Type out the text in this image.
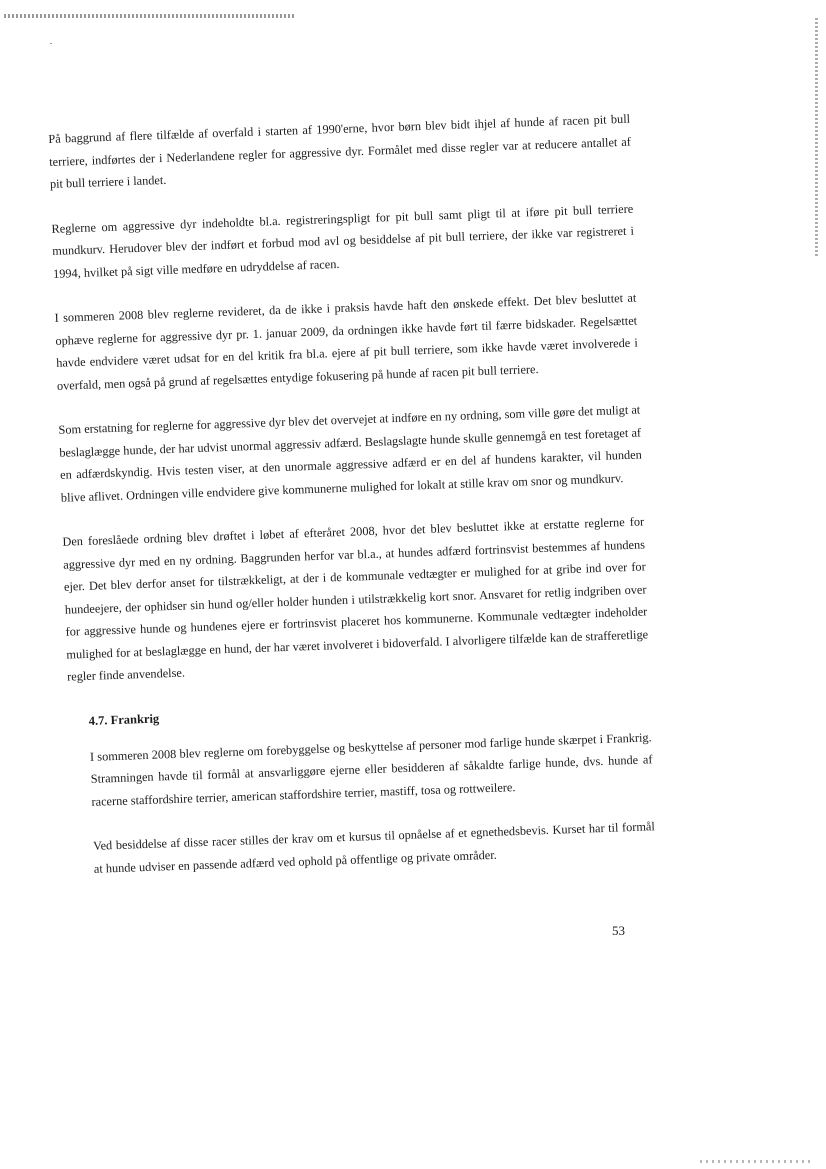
På baggrund af flere tilfælde af overfald i starten af 1990'erne, hvor børn blev bidt ihjel af hunde af racen pit bull terriere, indførtes der i Nederlandene regler for aggressive dyr. Formålet med disse regler var at reducere antallet af pit bull terriere i landet.

Reglerne om aggressive dyr indeholdte bl.a. registreringspligt for pit bull samt pligt til at iføre pit bull terriere mundkurv. Herudover blev der indført et forbud mod avl og besiddelse af pit bull terriere, der ikke var registreret i 1994, hvilket på sigt ville medføre en udryddelse af racen.

I sommeren 2008 blev reglerne revideret, da de ikke i praksis havde haft den ønskede effekt. Det blev besluttet at ophæve reglerne for aggressive dyr pr. 1. januar 2009, da ordningen ikke havde ført til færre bidskader. Regelsættet havde endvidere været udsat for en del kritik fra bl.a. ejere af pit bull terriere, som ikke havde været involverede i overfald, men også på grund af regelsættes entydige fokusering på hunde af racen pit bull terriere.

Som erstatning for reglerne for aggressive dyr blev det overvejet at indføre en ny ordning, som ville gøre det muligt at beslaglægge hunde, der har udvist unormal aggressiv adfærd. Beslagslagte hunde skulle gennemgå en test foretaget af en adfærdskyndig. Hvis testen viser, at den unormale aggressive adfærd er en del af hundens karakter, vil hunden blive aflivet. Ordningen ville endvidere give kommunerne mulighed for lokalt at stille krav om snor og mundkurv.

Den foreslåede ordning blev drøftet i løbet af efteråret 2008, hvor det blev besluttet ikke at erstatte reglerne for aggressive dyr med en ny ordning. Baggrunden herfor var bl.a., at hundes adfærd fortrinsvist bestemmes af hundens ejer. Det blev derfor anset for tilstrækkeligt, at der i de kommunale vedtægter er mulighed for at gribe ind over for hundeejere, der ophidser sin hund og/eller holder hunden i utilstrækkelig kort snor. Ansvaret for retlig indgriben over for aggressive hunde og hundenes ejere er fortrinsvist placeret hos kommunerne. Kommunale vedtægter indeholder mulighed for at beslaglægge en hund, der har været involveret i bidoverfald. I alvorligere tilfælde kan de strafferetlige regler finde anvendelse.

4.7. Frankrig

I sommeren 2008 blev reglerne om forebyggelse og beskyttelse af personer mod farlige hunde skærpet i Frankrig. Stramningen havde til formål at ansvarliggøre ejerne eller besidderen af såkaldte farlige hunde, dvs. hunde af racerne staffordshire terrier, american staffordshire terrier, mastiff, tosa og rottweilere.

Ved besiddelse af disse racer stilles der krav om et kursus til opnåelse af et egnethedsbevis. Kurset har til formål at hunde udviser en passende adfærd ved ophold på offentlige og private områder.

53
